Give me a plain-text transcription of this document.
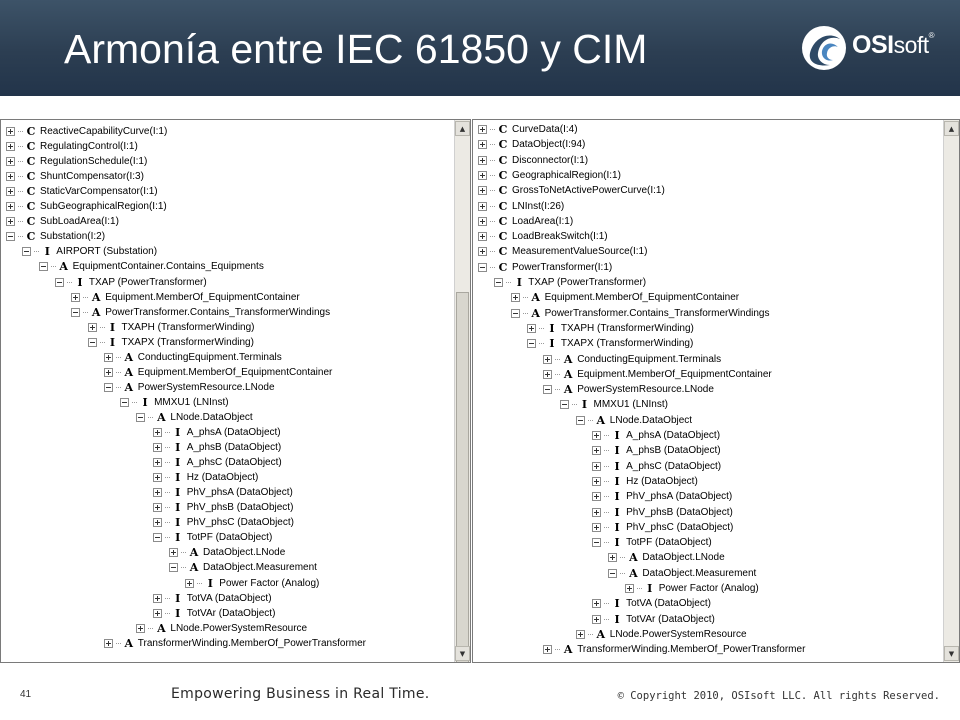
Armonía entre IEC 61850 y CIM	OSIsoft®
C ReactiveCapabilityCurve(I:1)
C RegulatingControl(I:1)
C RegulationSchedule(I:1)
C ShuntCompensator(I:3)
C StaticVarCompensator(I:1)
C SubGeographicalRegion(I:1)
C SubLoadArea(I:1)
C Substation(I:2)
I AIRPORT (Substation)
A EquipmentContainer.Contains_Equipments
I TXAP (PowerTransformer)
A Equipment.MemberOf_EquipmentContainer
A PowerTransformer.Contains_TransformerWindings
I TXAPH (TransformerWinding)
I TXAPX (TransformerWinding)
A ConductingEquipment.Terminals
A Equipment.MemberOf_EquipmentContainer
A PowerSystemResource.LNode
I MMXU1 (LNInst)
A LNode.DataObject
I A_phsA (DataObject)
I A_phsB (DataObject)
I A_phsC (DataObject)
I Hz (DataObject)
I PhV_phsA (DataObject)
I PhV_phsB (DataObject)
I PhV_phsC (DataObject)
I TotPF (DataObject)
A DataObject.LNode
A DataObject.Measurement
I Power Factor (Analog)
I TotVA (DataObject)
I TotVAr (DataObject)
A LNode.PowerSystemResource
A TransformerWinding.MemberOf_PowerTransformer
▲
▼
C CurveData(I:4)
C DataObject(I:94)
C Disconnector(I:1)
C GeographicalRegion(I:1)
C GrossToNetActivePowerCurve(I:1)
C LNInst(I:26)
C LoadArea(I:1)
C LoadBreakSwitch(I:1)
C MeasurementValueSource(I:1)
C PowerTransformer(I:1)
I TXAP (PowerTransformer)
A Equipment.MemberOf_EquipmentContainer
A PowerTransformer.Contains_TransformerWindings
I TXAPH (TransformerWinding)
I TXAPX (TransformerWinding)
A ConductingEquipment.Terminals
A Equipment.MemberOf_EquipmentContainer
A PowerSystemResource.LNode
I MMXU1 (LNInst)
A LNode.DataObject
I A_phsA (DataObject)
I A_phsB (DataObject)
I A_phsC (DataObject)
I Hz (DataObject)
I PhV_phsA (DataObject)
I PhV_phsB (DataObject)
I PhV_phsC (DataObject)
I TotPF (DataObject)
A DataObject.LNode
A DataObject.Measurement
I Power Factor (Analog)
I TotVA (DataObject)
I TotVAr (DataObject)
A LNode.PowerSystemResource
A TransformerWinding.MemberOf_PowerTransformer
▲
▼
41	Empowering Business in Real Time.	© Copyright 2010, OSIsoft LLC. All rights Reserved.
